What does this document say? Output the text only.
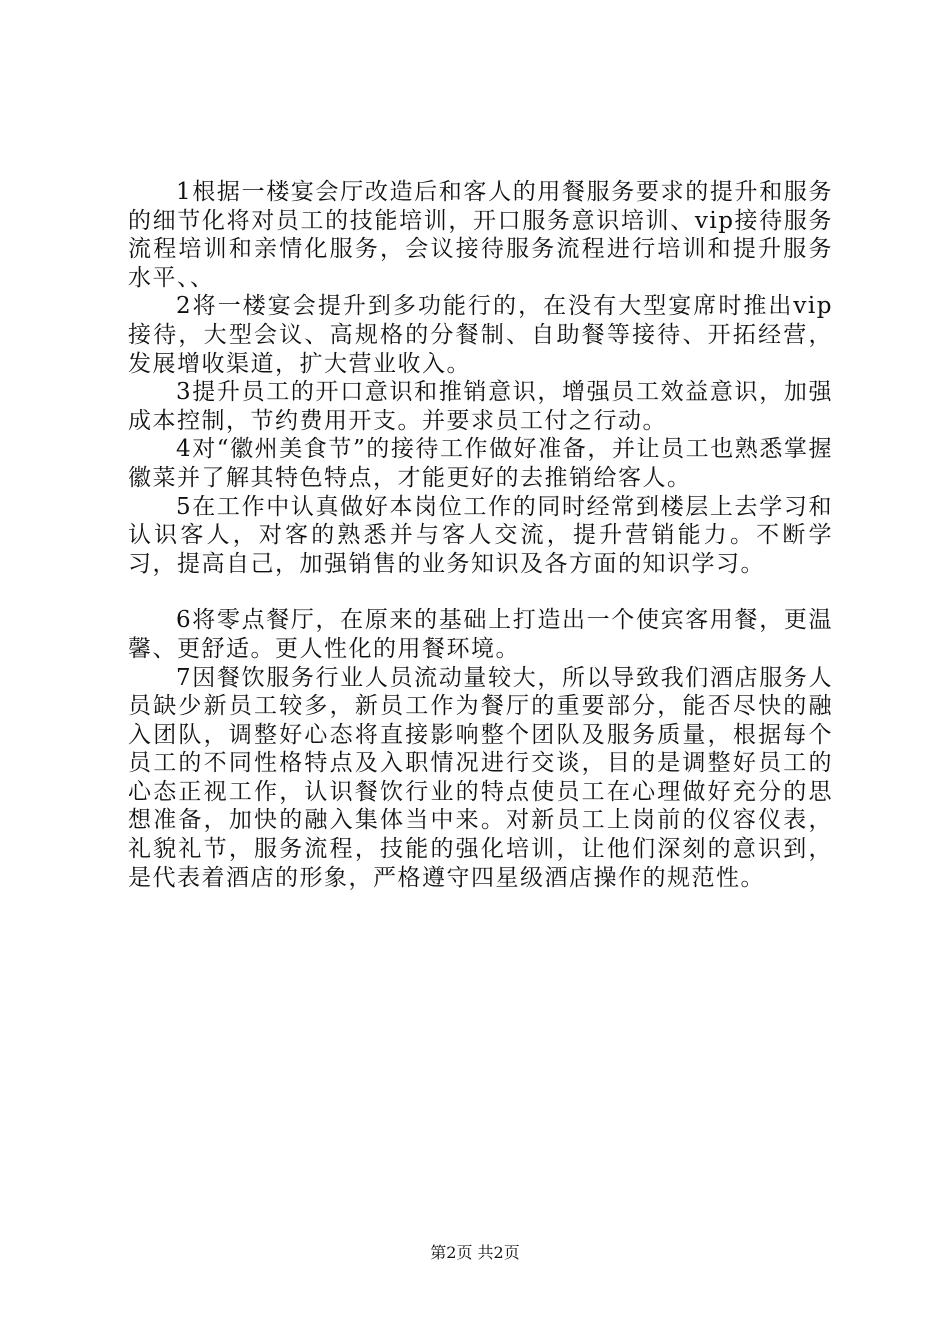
1根据一楼宴会厅改造后和客人的用餐服务要求的提升和服务的细节化将对员工的技能培训，开口服务意识培训、vip接待服务流程培训和亲情化服务，会议接待服务流程进行培训和提升服务水平、、

2将一楼宴会提升到多功能行的，在没有大型宴席时推出vip接待，大型会议、高规格的分餐制、自助餐等接待、开拓经营，发展增收渠道，扩大营业收入。

3提升员工的开口意识和推销意识，增强员工效益意识，加强成本控制，节约费用开支。并要求员工付之行动。

4对“徽州美食节”的接待工作做好准备，并让员工也熟悉掌握徽菜并了解其特色特点，才能更好的去推销给客人。

5在工作中认真做好本岗位工作的同时经常到楼层上去学习和认识客人，对客的熟悉并与客人交流，提升营销能力。不断学习，提高自己，加强销售的业务知识及各方面的知识学习。

6将零点餐厅，在原来的基础上打造出一个使宾客用餐，更温馨、更舒适。更人性化的用餐环境。

7因餐饮服务行业人员流动量较大，所以导致我们酒店服务人员缺少新员工较多，新员工作为餐厅的重要部分，能否尽快的融入团队，调整好心态将直接影响整个团队及服务质量，根据每个员工的不同性格特点及入职情况进行交谈，目的是调整好员工的心态正视工作，认识餐饮行业的特点使员工在心理做好充分的思想准备，加快的融入集体当中来。对新员工上岗前的仪容仪表，礼貌礼节，服务流程，技能的强化培训，让他们深刻的意识到，是代表着酒店的形象，严格遵守四星级酒店操作的规范性。

第2页 共2页
